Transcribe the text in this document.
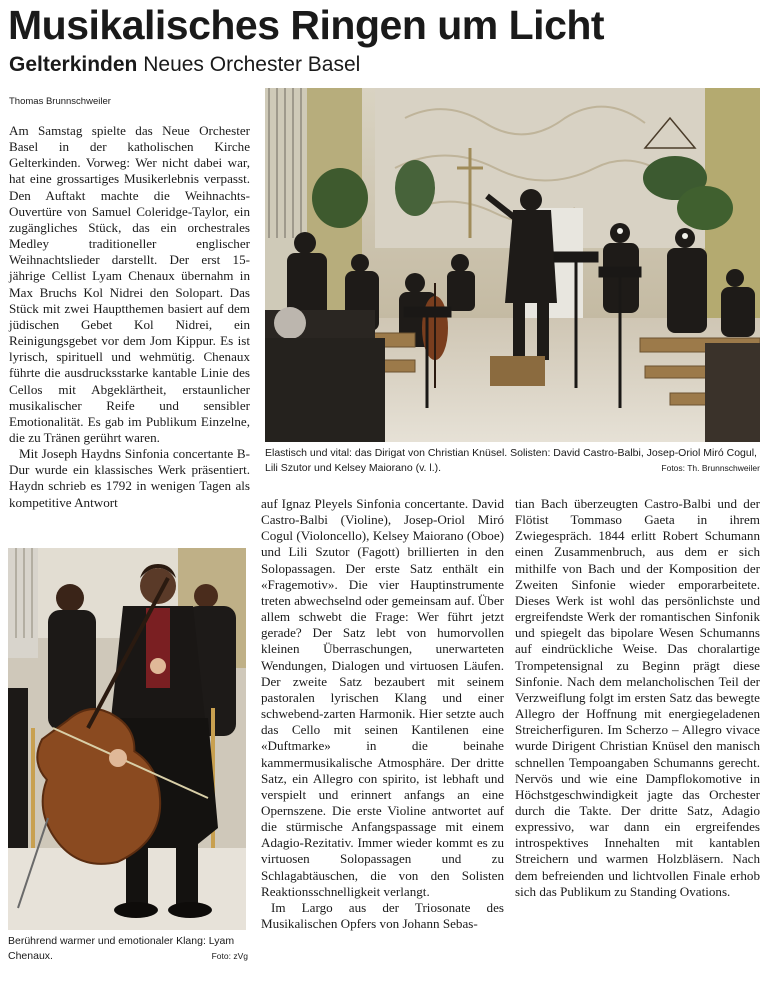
Musikalisches Ringen um Licht
Gelterkinden Neues Orchester Basel
Thomas Brunnschweiler

Am Samstag spielte das Neue Orchester Basel in der katholischen Kirche Gelterkinden. Vorweg: Wer nicht dabei war, hat eine grossartiges Musikerlebnis verpasst. Den Auftakt machte die Weihnachts-Ouvertüre von Samuel Coleridge-Taylor, ein zugängliches Stück, das ein orchestrales Medley traditioneller englischer Weihnachtslieder darstellt. Der erst 15-jährige Cellist Lyam Chenaux übernahm in Max Bruchs Kol Nidrei den Solopart. Das Stück mit zwei Hauptthemen basiert auf dem jüdischen Gebet Kol Nidrei, ein Reinigungsgebet vor dem Jom Kippur. Es ist lyrisch, spirituell und wehmütig. Chenaux führte die ausdrucksstarke kantable Linie des Cellos mit Abgeklärtheit, erstaunlicher musikalischer Reife und sensibler Emotionalität. Es gab im Publikum Einzelne, die zu Tränen gerührt waren.

Mit Joseph Haydns Sinfonia concertante B-Dur wurde ein klassisches Werk präsentiert. Haydn schrieb es 1792 in wenigen Tagen als kompetitive Antwort

Elastisch und vital: das Dirigat von Christian Knüsel. Solisten: David Castro-Balbi, Josep-Oriol Miró Cogul, Lili Szutor und Kelsey Maiorano (v. l.).	Fotos: Th. Brunnschweiler
Berührend warmer und emotionaler Klang: Lyam Chenaux.	Foto: zVg

auf Ignaz Pleyels Sinfonia concertante. David Castro-Balbi (Violine), Josep-Oriol Miró Cogul (Violoncello), Kelsey Maiorano (Oboe) und Lili Szutor (Fagott) brillierten in den Solopassagen. Der erste Satz enthält ein «Fragemotiv». Die vier Hauptinstrumente treten abwechselnd oder gemeinsam auf. Über allem schwebt die Frage: Wer führt jetzt gerade? Der Satz lebt von humorvollen kleinen Überraschungen, unerwarteten Wendungen, Dialogen und virtuosen Läufen. Der zweite Satz bezaubert mit seinem pastoralen lyrischen Klang und einer schwebend-zarten Harmonik. Hier setzte auch das Cello mit seinen Kantilenen eine «Duftmarke» in die beinahe kammermusikalische Atmosphäre. Der dritte Satz, ein Allegro con spirito, ist lebhaft und verspielt und erinnert anfangs an eine Opernszene. Die erste Violine antwortet auf die stürmische Anfangspassage mit einem Adagio-Rezitativ. Immer wieder kommt es zu virtuosen Solopassagen und zu Schlagabtäuschen, die von den Solisten Reaktionsschnelligkeit verlangt.

Im Largo aus der Triosonate des Musikalischen Opfers von Johann Sebas-

tian Bach überzeugten Castro-Balbi und der Flötist Tommaso Gaeta in ihrem Zwiegespräch. 1844 erlitt Robert Schumann einen Zusammenbruch, aus dem er sich mithilfe von Bach und der Komposition der Zweiten Sinfonie wieder emporarbeitete. Dieses Werk ist wohl das persönlichste und ergreifendste Werk der romantischen Sinfonik und spiegelt das bipolare Wesen Schumanns auf eindrückliche Weise. Das choralartige Trompetensignal zu Beginn prägt diese Sinfonie. Nach dem melancholischen Teil der Verzweiflung folgt im ersten Satz das bewegte Allegro der Hoffnung mit energiegeladenen Streicherfiguren. Im Scherzo – Allegro vivace wurde Dirigent Christian Knüsel den manisch schnellen Tempoangaben Schumanns gerecht. Nervös und wie eine Dampflokomotive in Höchstgeschwindigkeit jagte das Orchester durch die Takte. Der dritte Satz, Adagio expressivo, war dann ein ergreifendes introspektives Innehalten mit kantablen Streichern und warmen Holzbläsern. Nach dem befreienden und lichtvollen Finale erhob sich das Publikum zu Standing Ovations.
